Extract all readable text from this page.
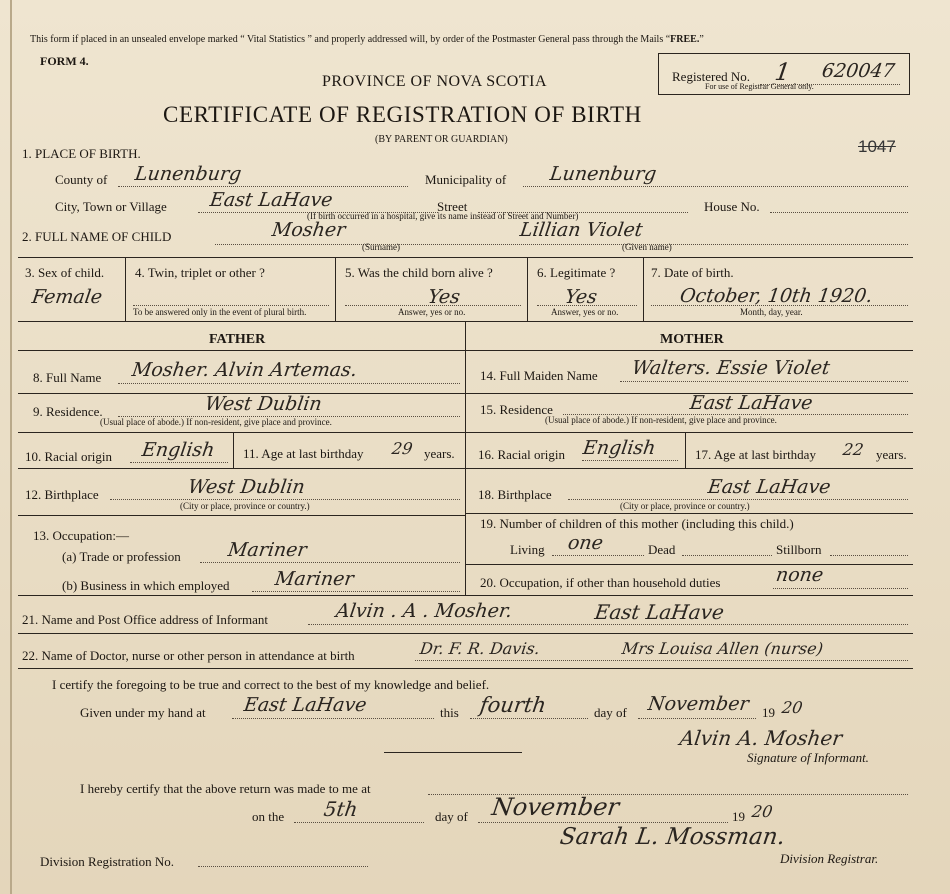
This form if placed in an unsealed envelope marked “ Vital Statistics ” and properly addressed will, by order of the Postmaster General pass through the Mails “FREE.”
FORM 4.
PROVINCE OF NOVA SCOTIA
CERTIFICATE OF REGISTRATION OF BIRTH
(BY PARENT OR GUARDIAN)
Registered No. 1 620047
For use of Registrar General only.
1047
1. PLACE OF BIRTH.
County of Lunenburg	Municipality of Lunenburg
City, Town or Village East LaHave	Street
(If birth occurred in a hospital, give its name instead of Street and Number)
House No.
2. FULL NAME OF CHILD	Mosher
(Surname)
Lillian Violet
(Given name)
3. Sex of child.
Female
4. Twin, triplet or other ?
To be answered only in the event of plural birth.
5. Was the child born alive ?
Yes
Answer, yes or no.
6. Legitimate ?
Yes
Answer, yes or no.
7. Date of birth.
October, 10th 1920.
Month, day, year.
FATHER	MOTHER
8. Full Name Mosher. Alvin Artemas.
9. Residence.	West Dublin
(Usual place of abode.) If non-resident, give place and province.
10. Racial origin English 11. Age at last birthday 29 years.
12. Birthplace	West Dublin
(City or place, province or country.)
13. Occupation:—
(a) Trade or profession Mariner
(b) Business in which employed Mariner
14. Full Maiden Name Walters. Essie Violet
15. Residence	East LaHave
(Usual place of abode.) If non-resident, give place and province.
16. Racial origin English	17. Age at last birthday 22 years.
18. Birthplace	East LaHave
(City or place, province or country.)
19. Number of children of this mother (including this child.)
Living one	Dead	Stillborn
20. Occupation, if other than household duties	none
21. Name and Post Office address of Informant	Alvin . A . Mosher.	East LaHave
22. Name of Doctor, nurse or other person in attendance at birth	Dr. F. R. Davis.	Mrs Louisa Allen (nurse)
I certify the foregoing to be true and correct to the best of my knowledge and belief.
Given under my hand at East LaHave	this fourth	day of November 19 20
Alvin A. Mosher
Signature of Informant.
I hereby certify that the above return was made to me at
on the 5th	day of November	19 20
Division Registration No.
Sarah L. Mossman.
Division Registrar.
